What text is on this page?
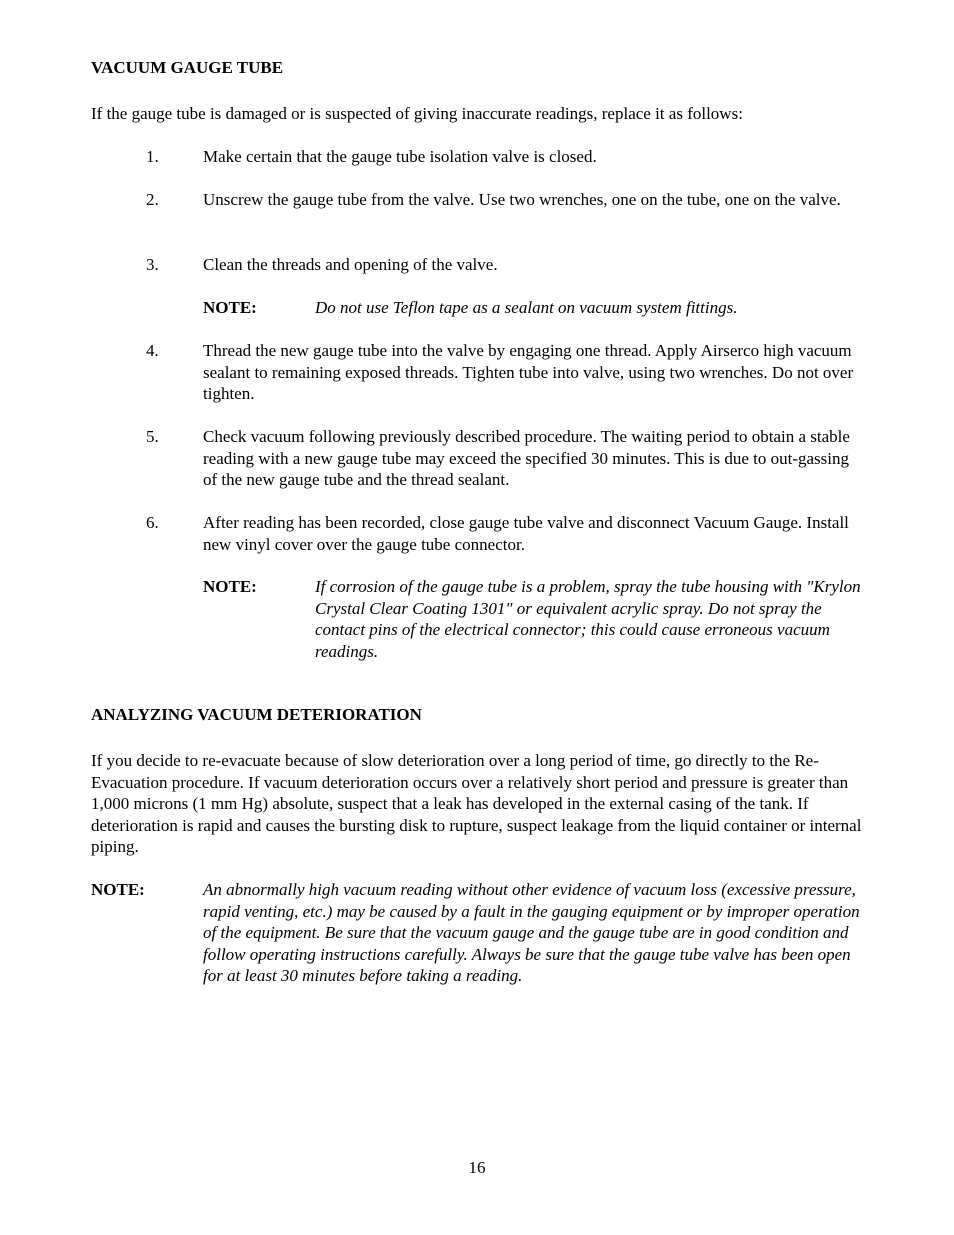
VACUUM GAUGE TUBE
If the gauge tube is damaged or is suspected of giving inaccurate readings, replace it as follows:
1.	Make certain that the gauge tube isolation valve is closed.
2.	Unscrew the gauge tube from the valve. Use two wrenches, one on the tube, one on the valve.
3.	Clean the threads and opening of the valve.
NOTE:	Do not use Teflon tape as a sealant on vacuum system fittings.
4.	Thread the new gauge tube into the valve by engaging one thread. Apply Airserco high vacuum sealant to remaining exposed threads. Tighten tube into valve, using two wrenches. Do not over tighten.
5.	Check vacuum following previously described procedure. The waiting period to obtain a stable reading with a new gauge tube may exceed the specified 30 minutes. This is due to out-gassing of the new gauge tube and the thread sealant.
6.	After reading has been recorded, close gauge tube valve and disconnect Vacuum Gauge. Install new vinyl cover over the gauge tube connector.
NOTE:	If corrosion of the gauge tube is a problem, spray the tube housing with "Krylon Crystal Clear Coating 1301" or equivalent acrylic spray. Do not spray the contact pins of the electrical connector; this could cause erroneous vacuum readings.
ANALYZING VACUUM DETERIORATION
If you decide to re-evacuate because of slow deterioration over a long period of time, go directly to the Re-Evacuation procedure. If vacuum deterioration occurs over a relatively short period and pressure is greater than 1,000 microns (1 mm Hg) absolute, suspect that a leak has developed in the external casing of the tank. If deterioration is rapid and causes the bursting disk to rupture, suspect leakage from the liquid container or internal piping.
NOTE:	An abnormally high vacuum reading without other evidence of vacuum loss (excessive pressure, rapid venting, etc.) may be caused by a fault in the gauging equipment or by improper operation of the equipment. Be sure that the vacuum gauge and the gauge tube are in good condition and follow operating instructions carefully. Always be sure that the gauge tube valve has been open for at least 30 minutes before taking a reading.
16
